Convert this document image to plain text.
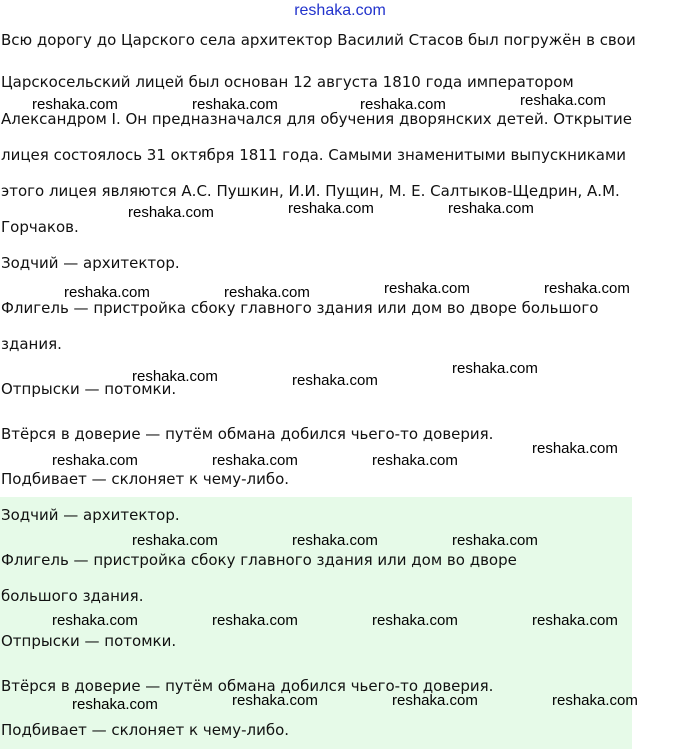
reshaka.com
Всю дорогу до Царского села архитектор Василий Стасов был погружён в свои
Царскосельский лицей был основан 12 августа 1810 года императором
Александром I. Он предназначался для обучения дворянских детей. Открытие
лицея состоялось 31 октября 1811 года. Самыми знаменитыми выпускниками
этого лицея являются А.С. Пушкин, И.И. Пущин, М. Е. Салтыков-Щедрин, А.М.
Горчаков.
Зодчий — архитектор.
Флигель — пристройка сбоку главного здания или дом во дворе большого
здания.
Отпрыски — потомки.
Втёрся в доверие — путём обмана добился чьего-то доверия.
Подбивает — склоняет к чему-либо.
Зодчий — архитектор.
Флигель — пристройка сбоку главного здания или дом во дворе
большого здания.
Отпрыски — потомки.
Втёрся в доверие — путём обмана добился чьего-то доверия.
Подбивает — склоняет к чему-либо.
reshaka.com	reshaka.com	reshaka.com	reshaka.com
reshaka.com	reshaka.com	reshaka.com
reshaka.com	reshaka.com	reshaka.com	reshaka.com
reshaka.com	reshaka.com
reshaka.com
reshaka.com
reshaka.com	reshaka.com	reshaka.com
reshaka.com	reshaka.com	reshaka.com
reshaka.com	reshaka.com	reshaka.com	reshaka.com
reshaka.com	reshaka.com	reshaka.com	reshaka.com
